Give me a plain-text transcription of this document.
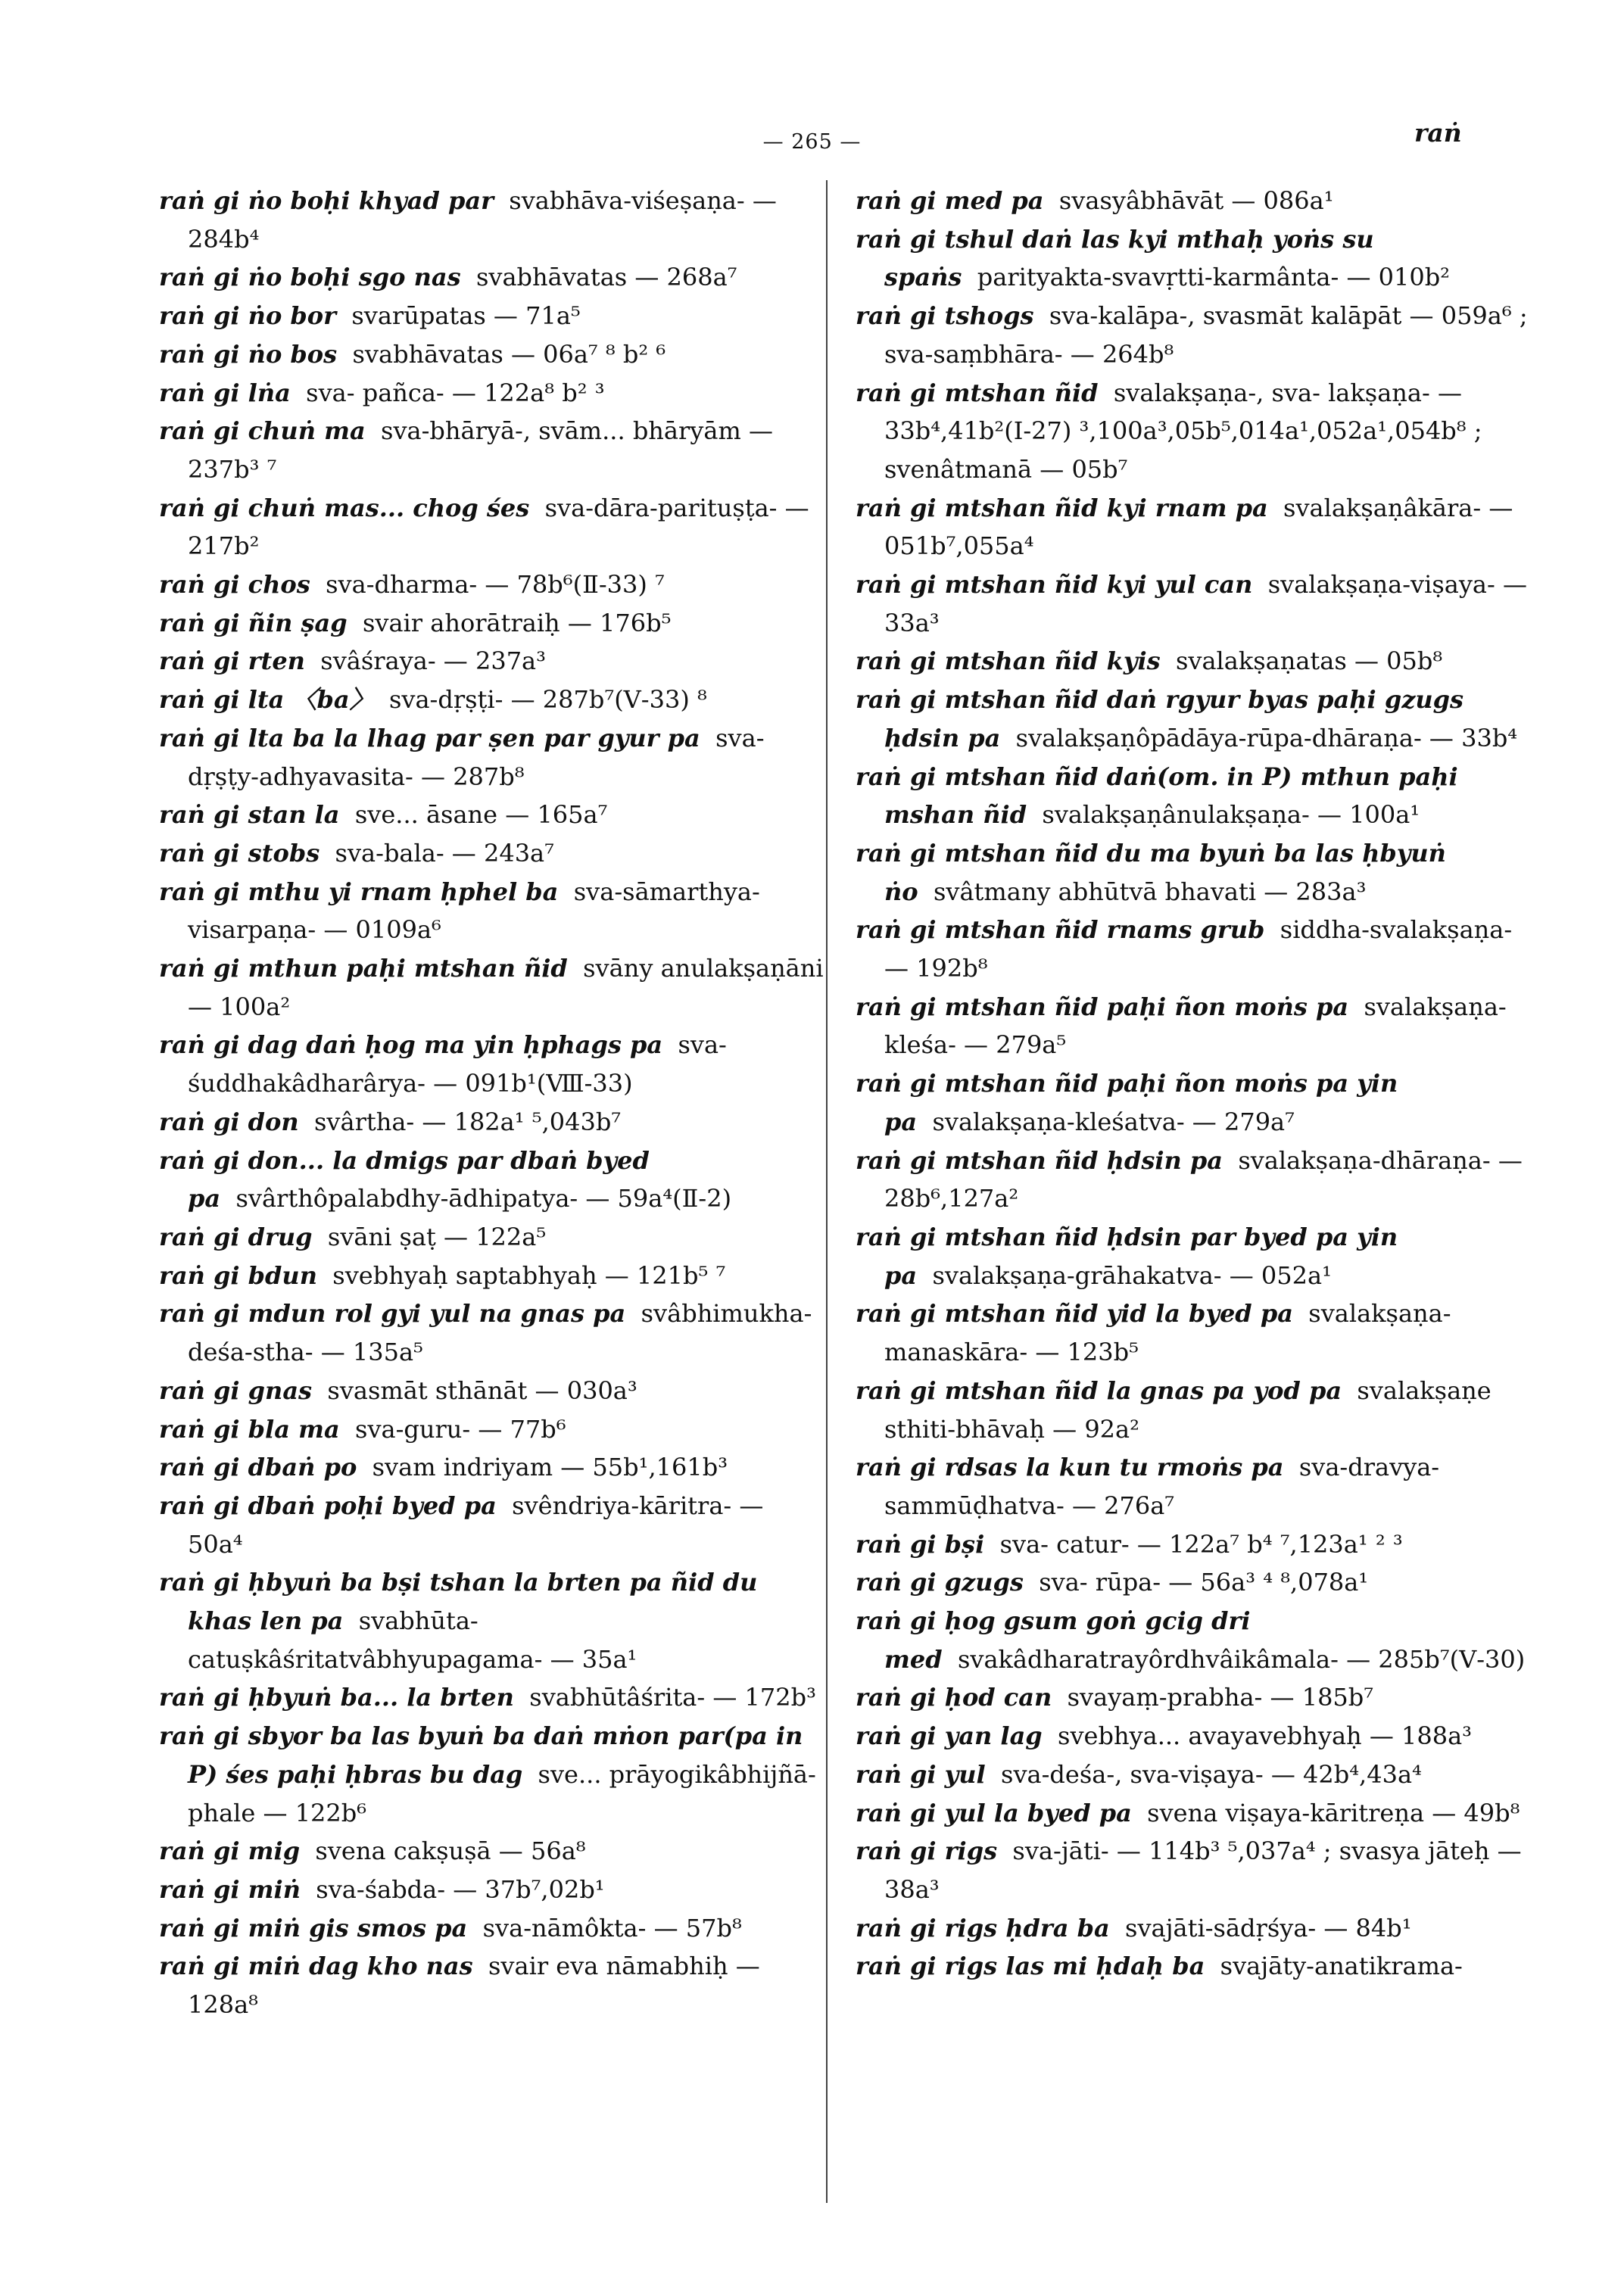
— 265 —	raṅ

raṅ gi ṅo boḥi khyad par svabhāva-viśeṣaṇa- — 284b⁴

raṅ gi ṅo boḥi sgo nas svabhāvatas — 268a⁷

raṅ gi ṅo bor svarūpatas — 71a⁵

raṅ gi ṅo bos svabhāvatas — 06a⁷ ⁸ b² ⁶

raṅ gi lṅa sva- pañca- — 122a⁸ b² ³

raṅ gi chuṅ ma sva-bhāryā-, svām... bhāryām — 237b³ ⁷

raṅ gi chuṅ mas... chog śes sva-dāra-parituṣṭa- — 217b²

raṅ gi chos sva-dharma- — 78b⁶(Ⅱ-33) ⁷

raṅ gi ñin ṣag svair ahorātraiḥ — 176b⁵

raṅ gi rten svâśraya- — 237a³

raṅ gi lta 〈ba〉 sva-dṛṣṭi- — 287b⁷(Ⅴ-33) ⁸

raṅ gi lta ba la lhag par ṣen par gyur pa sva-dṛṣṭy-adhyavasita- — 287b⁸

raṅ gi stan la sve... āsane — 165a⁷

raṅ gi stobs sva-bala- — 243a⁷

raṅ gi mthu yi rnam ḥphel ba sva-sāmarthya-visarpaṇa- — 0109a⁶

raṅ gi mthun paḥi mtshan ñid svāny anulakṣaṇāni — 100a²

raṅ gi dag daṅ ḥog ma yin ḥphags pa sva-śuddhakâdharârya- — 091b¹(Ⅷ-33)

raṅ gi don svârtha- — 182a¹ ⁵,043b⁷

raṅ gi don... la dmigs par dbaṅ byed pa svârthôpalabdhy-ādhipatya- — 59a⁴(Ⅱ-2)

raṅ gi drug svāni ṣaṭ — 122a⁵

raṅ gi bdun svebhyaḥ saptabhyaḥ — 121b⁵ ⁷

raṅ gi mdun rol gyi yul na gnas pa svâbhimukha-deśa-stha- — 135a⁵

raṅ gi gnas svasmāt sthānāt — 030a³

raṅ gi bla ma sva-guru- — 77b⁶

raṅ gi dbaṅ po svam indriyam — 55b¹,161b³

raṅ gi dbaṅ poḥi byed pa svêndriya-kāritra- — 50a⁴

raṅ gi ḥbyuṅ ba bṣi tshan la brten pa ñid du khas len pa svabhūta-catuṣkâśritatvâbhyupagama- — 35a¹

raṅ gi ḥbyuṅ ba... la brten svabhūtâśrita- — 172b³

raṅ gi sbyor ba las byuṅ ba daṅ mṅon par(pa in P) śes paḥi ḥbras bu dag sve... prāyogikâbhijñā-phale — 122b⁶

raṅ gi mig svena cakṣuṣā — 56a⁸

raṅ gi miṅ sva-śabda- — 37b⁷,02b¹

raṅ gi miṅ gis smos pa sva-nāmôkta- — 57b⁸

raṅ gi miṅ dag kho nas svair eva nāmabhiḥ — 128a⁸

raṅ gi med pa svasyâbhāvāt — 086a¹

raṅ gi tshul daṅ las kyi mthaḥ yoṅs su spaṅs parityakta-svavṛtti-karmânta- — 010b²

raṅ gi tshogs sva-kalāpa-, svasmāt kalāpāt — 059a⁶ ; sva-saṃbhāra- — 264b⁸

raṅ gi mtshan ñid svalakṣaṇa-, sva- lakṣaṇa- — 33b⁴,41b²(Ⅰ-27) ³,100a³,05b⁵,014a¹,052a¹,054b⁸ ; svenâtmanā — 05b⁷

raṅ gi mtshan ñid kyi rnam pa svalakṣaṇâkāra- — 051b⁷,055a⁴

raṅ gi mtshan ñid kyi yul can svalakṣaṇa-viṣaya- — 33a³

raṅ gi mtshan ñid kyis svalakṣaṇatas — 05b⁸

raṅ gi mtshan ñid daṅ rgyur byas paḥi gzugs ḥdsin pa svalakṣaṇôpādāya-rūpa-dhāraṇa- — 33b⁴

raṅ gi mtshan ñid daṅ(om. in P) mthun paḥi mshan ñid svalakṣaṇânulakṣaṇa- — 100a¹

raṅ gi mtshan ñid du ma byuṅ ba las ḥbyuṅ ṅo svâtmany abhūtvā bhavati — 283a³

raṅ gi mtshan ñid rnams grub siddha-svalakṣaṇa- — 192b⁸

raṅ gi mtshan ñid paḥi ñon moṅs pa svalakṣaṇa-kleśa- — 279a⁵

raṅ gi mtshan ñid paḥi ñon moṅs pa yin pa svalakṣaṇa-kleśatva- — 279a⁷

raṅ gi mtshan ñid ḥdsin pa svalakṣaṇa-dhāraṇa- — 28b⁶,127a²

raṅ gi mtshan ñid ḥdsin par byed pa yin pa svalakṣaṇa-grāhakatva- — 052a¹

raṅ gi mtshan ñid yid la byed pa svalakṣaṇa-manaskāra- — 123b⁵

raṅ gi mtshan ñid la gnas pa yod pa svalakṣaṇe sthiti-bhāvaḥ — 92a²

raṅ gi rdsas la kun tu rmoṅs pa sva-dravya-sammūḍhatva- — 276a⁷

raṅ gi bṣi sva- catur- — 122a⁷ b⁴ ⁷,123a¹ ² ³

raṅ gi gzugs sva- rūpa- — 56a³ ⁴ ⁸,078a¹

raṅ gi ḥog gsum goṅ gcig dri med svakâdharatrayôrdhvâikâmala- — 285b⁷(Ⅴ-30)

raṅ gi ḥod can svayaṃ-prabha- — 185b⁷

raṅ gi yan lag svebhya... avayavebhyaḥ — 188a³

raṅ gi yul sva-deśa-, sva-viṣaya- — 42b⁴,43a⁴

raṅ gi yul la byed pa svena viṣaya-kāritreṇa — 49b⁸

raṅ gi rigs sva-jāti- — 114b³ ⁵,037a⁴ ; svasya jāteḥ — 38a³

raṅ gi rigs ḥdra ba svajāti-sādṛśya- — 84b¹

raṅ gi rigs las mi ḥdaḥ ba svajāty-anatikrama-
